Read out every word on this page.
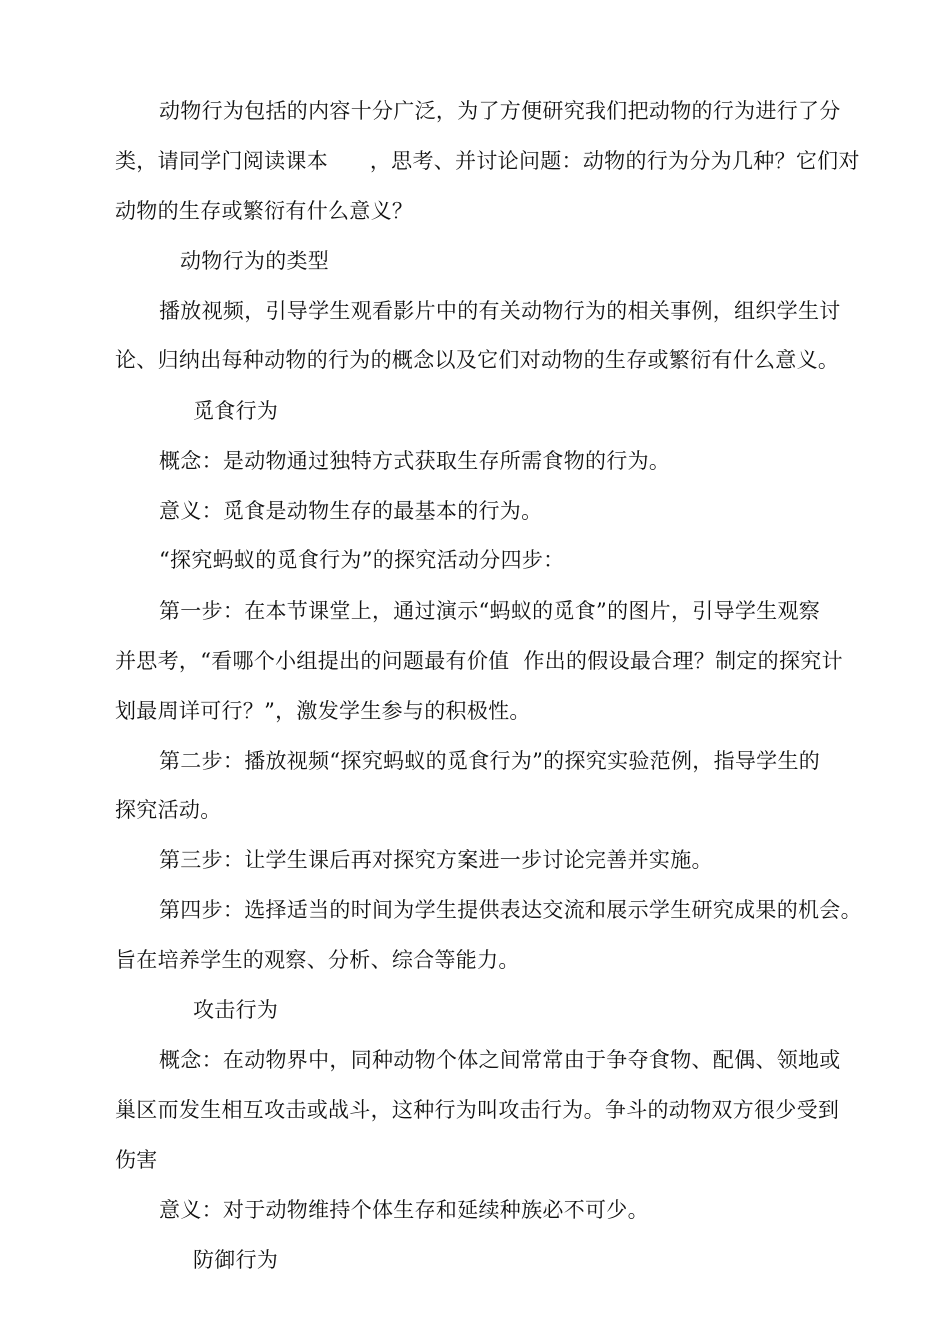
动物行为包括的内容十分广泛，为了方便研究我们把动物的行为进行了分

类，请同学门阅读课本      ，思考、并讨论问题：动物的行为分为几种？它们对

动物的生存或繁衍有什么意义？

动物行为的类型

播放视频，引导学生观看影片中的有关动物行为的相关事例，组织学生讨

论、归纳出每种动物的行为的概念以及它们对动物的生存或繁衍有什么意义。

觅食行为

概念：是动物通过独特方式获取生存所需食物的行为。

意义：觅食是动物生存的最基本的行为。

“探究蚂蚁的觅食行为”的探究活动分四步：

第一步：在本节课堂上，通过演示“蚂蚁的觅食”的图片，引导学生观察

并思考，“看哪个小组提出的问题最有价值  作出的假设最合理？制定的探究计

划最周详可行？”，激发学生参与的积极性。

第二步：播放视频“探究蚂蚁的觅食行为”的探究实验范例，指导学生的

探究活动。

第三步：让学生课后再对探究方案进一步讨论完善并实施。

第四步：选择适当的时间为学生提供表达交流和展示学生研究成果的机会。

旨在培养学生的观察、分析、综合等能力。

攻击行为

概念：在动物界中，同种动物个体之间常常由于争夺食物、配偶、领地或

巢区而发生相互攻击或战斗，这种行为叫攻击行为。争斗的动物双方很少受到

伤害

意义：对于动物维持个体生存和延续种族必不可少。

防御行为
